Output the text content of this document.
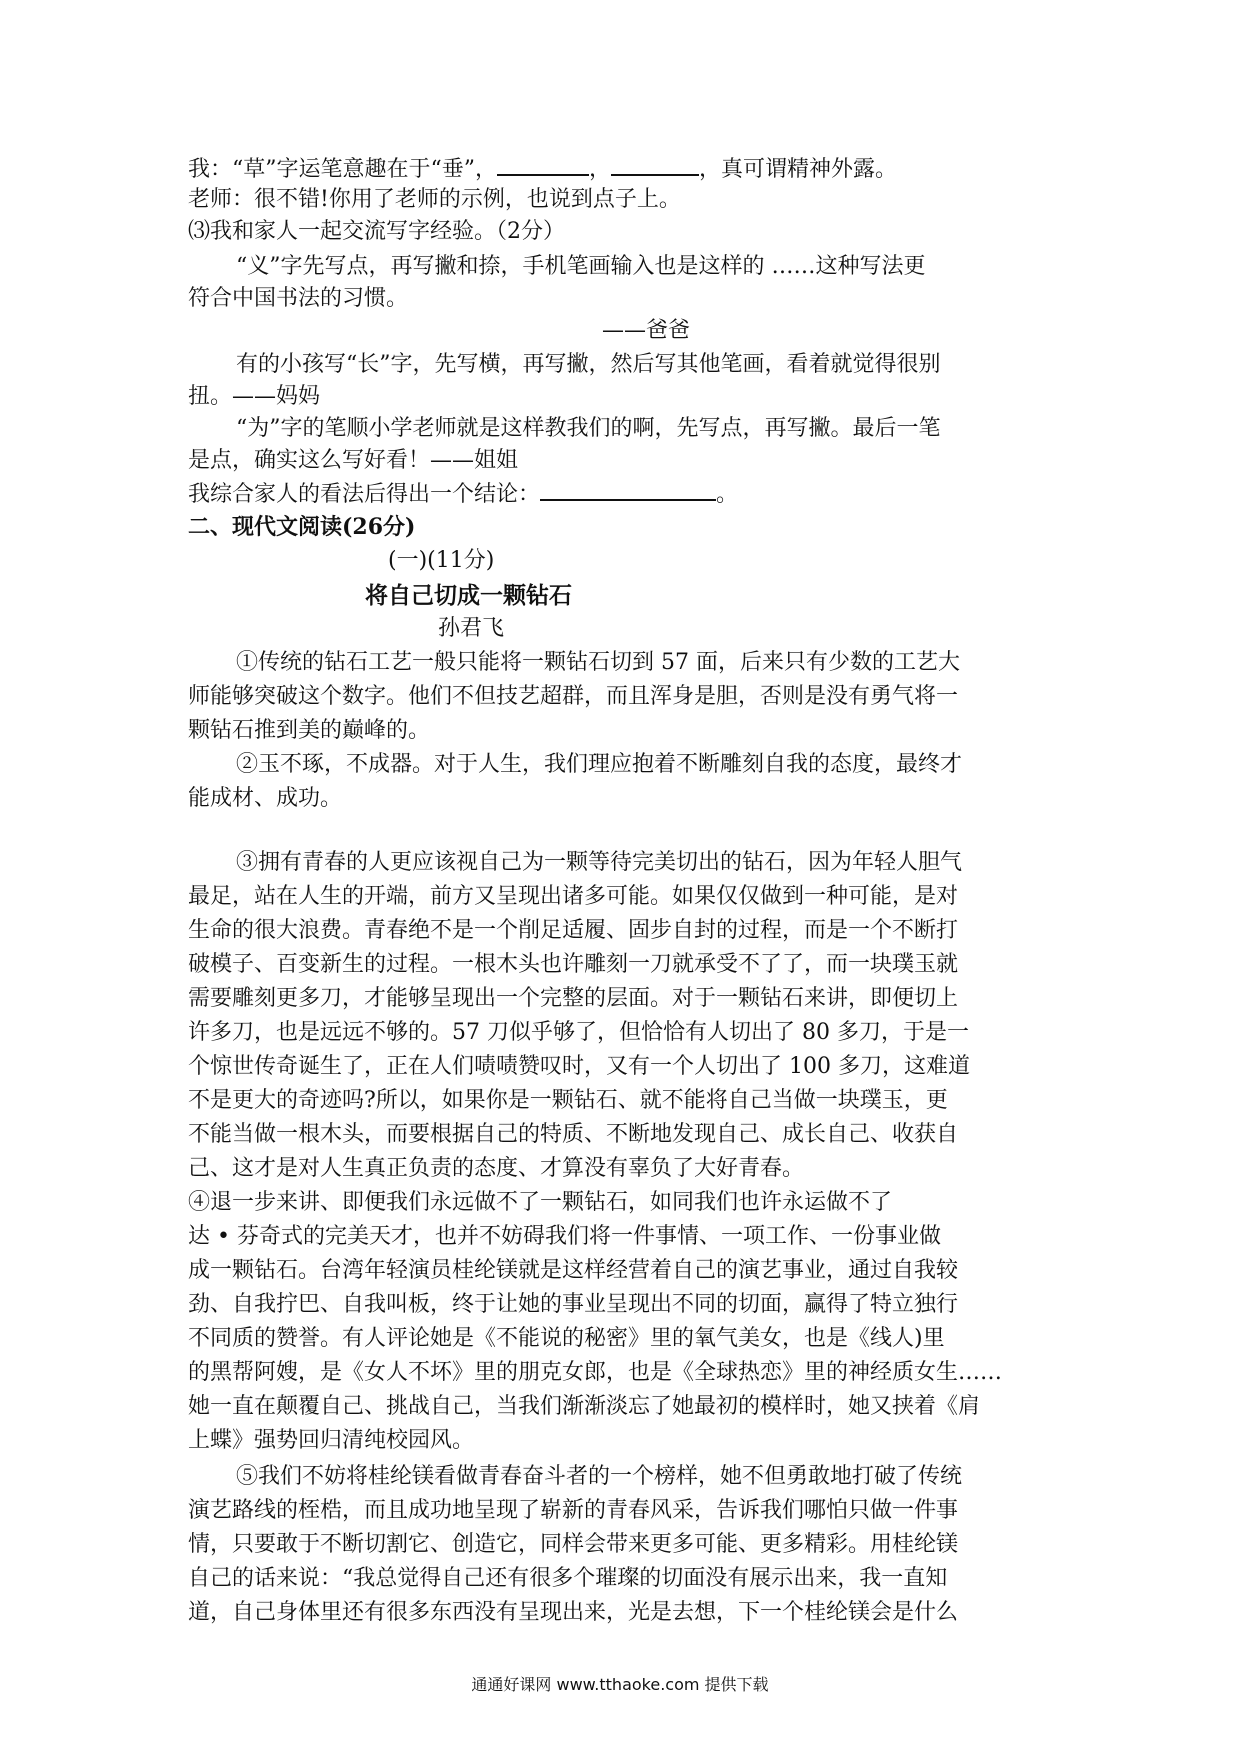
我：“草”字运笔意趣在于“垂”，	，	，真可谓精神外露。
老师：很不错!你用了老师的示例，也说到点子上。
⑶我和家人一起交流写字经验。（2分）
“义”字先写点，再写撇和捺，手机笔画输入也是这样的 ……这种写法更
符合中国书法的习惯。
——爸爸
有的小孩写“长”字，先写横，再写撇，然后写其他笔画，看着就觉得很别
扭。——妈妈
“为”字的笔顺小学老师就是这样教我们的啊，先写点，再写撇。最后一笔
是点，确实这么写好看！——姐姐
我综合家人的看法后得出一个结论：	。
二、现代文阅读(26分)
(一)(11分)
将自己切成一颗钻石
孙君飞
①传统的钻石工艺一般只能将一颗钻石切到 57 面，后来只有少数的工艺大
师能够突破这个数字。他们不但技艺超群，而且浑身是胆，否则是没有勇气将一
颗钻石推到美的巅峰的。
②玉不琢，不成器。对于人生，我们理应抱着不断雕刻自我的态度，最终才
能成材、成功。
③拥有青春的人更应该视自己为一颗等待完美切出的钻石，因为年轻人胆气
最足，站在人生的开端，前方又呈现出诸多可能。如果仅仅做到一种可能，是对
生命的很大浪费。青春绝不是一个削足适履、固步自封的过程，而是一个不断打
破模子、百变新生的过程。一根木头也许雕刻一刀就承受不了了，而一块璞玉就
需要雕刻更多刀，才能够呈现出一个完整的层面。对于一颗钻石来讲，即便切上
许多刀，也是远远不够的。57 刀似乎够了，但恰恰有人切出了 80 多刀，于是一
个惊世传奇诞生了，正在人们啧啧赞叹时，又有一个人切出了 100 多刀，这难道
不是更大的奇迹吗?所以，如果你是一颗钻石、就不能将自己当做一块璞玉，更
不能当做一根木头，而要根据自己的特质、不断地发现自己、成长自己、收获自
己、这才是对人生真正负责的态度、才算没有辜负了大好青春。
④退一步来讲、即便我们永远做不了一颗钻石，如同我们也许永运做不了
达 • 芬奇式的完美天才，也并不妨碍我们将一件事情、一项工作、一份事业做
成一颗钻石。台湾年轻演员桂纶镁就是这样经营着自己的演艺事业，通过自我较
劲、自我拧巴、自我叫板，终于让她的事业呈现出不同的切面，赢得了特立独行
不同质的赞誉。有人评论她是《不能说的秘密》里的氧气美女，也是《线人)里
的黑帮阿嫂，是《女人不坏》里的朋克女郎，也是《全球热恋》里的神经质女生……
她一直在颠覆自己、挑战自己，当我们渐渐淡忘了她最初的模样时，她又挟着《肩
上蝶》强势回归清纯校园风。
⑤我们不妨将桂纶镁看做青春奋斗者的一个榜样，她不但勇敢地打破了传统
演艺路线的桎梏，而且成功地呈现了崭新的青春风采，告诉我们哪怕只做一件事
情，只要敢于不断切割它、创造它，同样会带来更多可能、更多精彩。用桂纶镁
自己的话来说：“我总觉得自己还有很多个璀璨的切面没有展示出来，我一直知
道，自己身体里还有很多东西没有呈现出来，光是去想，下一个桂纶镁会是什么
通通好课网 www.tthaoke.com 提供下载
